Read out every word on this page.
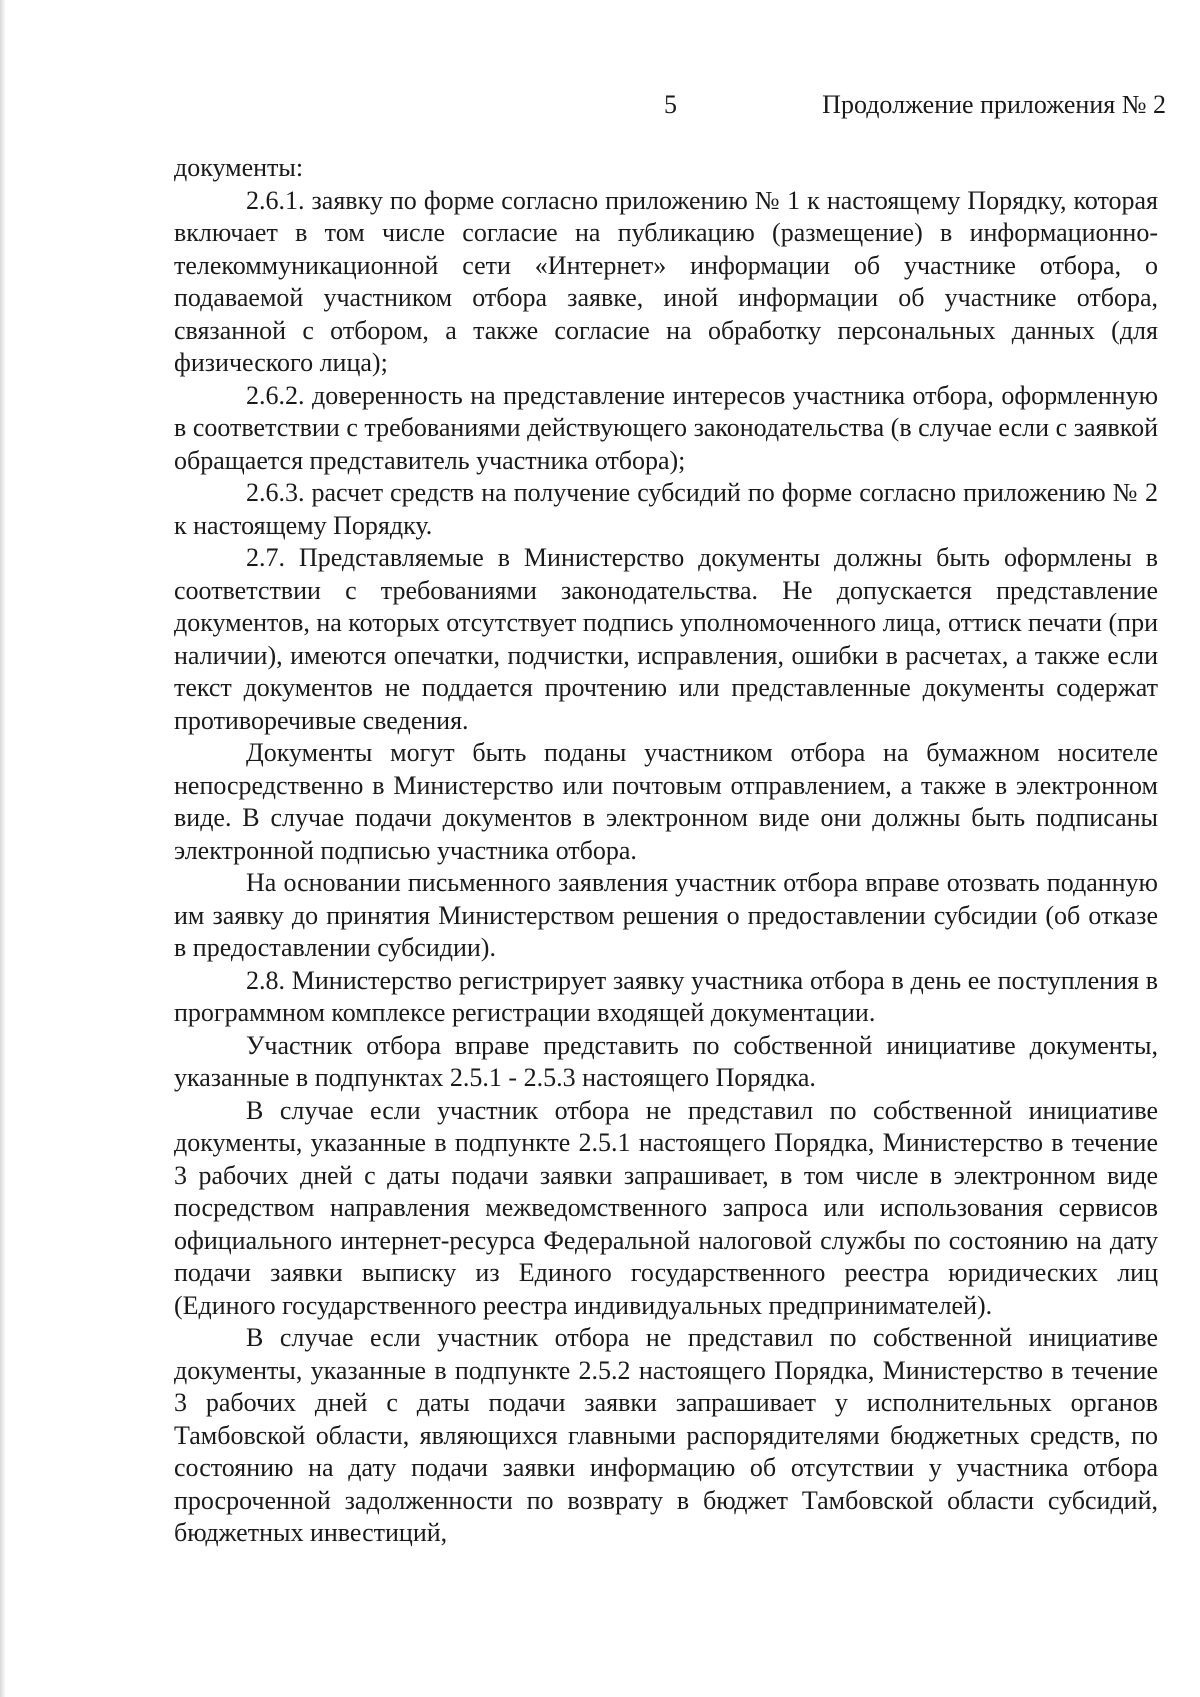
5	Продолжение приложения № 2

документы:

2.6.1. заявку по форме согласно приложению № 1 к настоящему Порядку, которая включает в том числе согласие на публикацию (размещение) в информационно-телекоммуникационной сети «Интернет» информации об участнике отбора, о подаваемой участником отбора заявке, иной информации об участнике отбора, связанной с отбором, а также согласие на обработку персональных данных (для физического лица);

2.6.2. доверенность на представление интересов участника отбора, оформленную в соответствии с требованиями действующего законодательства (в случае если с заявкой обращается представитель участника отбора);

2.6.3. расчет средств на получение субсидий по форме согласно приложению № 2 к настоящему Порядку.

2.7. Представляемые в Министерство документы должны быть оформлены в соответствии с требованиями законодательства. Не допускается представление документов, на которых отсутствует подпись уполномоченного лица, оттиск печати (при наличии), имеются опечатки, подчистки, исправления, ошибки в расчетах, а также если текст документов не поддается прочтению или представленные документы содержат противоречивые сведения.

Документы могут быть поданы участником отбора на бумажном носителе непосредственно в Министерство или почтовым отправлением, а также в электронном виде. В случае подачи документов в электронном виде они должны быть подписаны электронной подписью участника отбора.

На основании письменного заявления участник отбора вправе отозвать поданную им заявку до принятия Министерством решения о предоставлении субсидии (об отказе в предоставлении субсидии).

2.8. Министерство регистрирует заявку участника отбора в день ее поступления в программном комплексе регистрации входящей документации.

Участник отбора вправе представить по собственной инициативе документы, указанные в подпунктах 2.5.1 - 2.5.3 настоящего Порядка.

В случае если участник отбора не представил по собственной инициативе документы, указанные в подпункте 2.5.1 настоящего Порядка, Министерство в течение 3 рабочих дней с даты подачи заявки запрашивает, в том числе в электронном виде посредством направления межведомственного запроса или использования сервисов официального интернет-ресурса Федеральной налоговой службы по состоянию на дату подачи заявки выписку из Единого государственного реестра юридических лиц (Единого государственного реестра индивидуальных предпринимателей).

В случае если участник отбора не представил по собственной инициативе документы, указанные в подпункте 2.5.2 настоящего Порядка, Министерство в течение 3 рабочих дней с даты подачи заявки запрашивает у исполнительных органов Тамбовской области, являющихся главными распорядителями бюджетных средств, по состоянию на дату подачи заявки информацию об отсутствии у участника отбора просроченной задолженности по возврату в бюджет Тамбовской области субсидий, бюджетных инвестиций,
